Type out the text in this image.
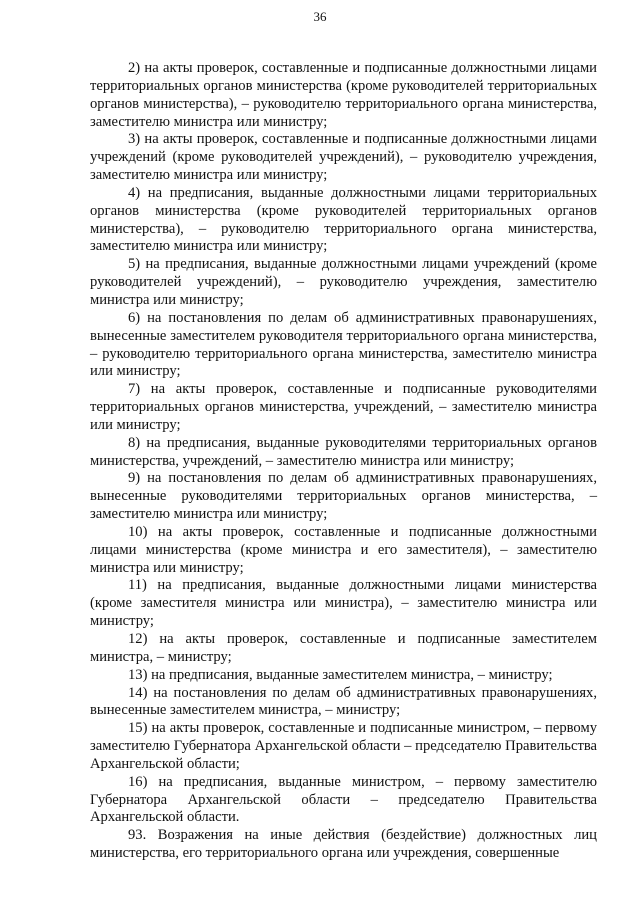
36

2) на акты проверок, составленные и подписанные должностными лицами территориальных органов министерства (кроме руководителей территориальных органов министерства), – руководителю территориального органа министерства, заместителю министра или министру;

3) на акты проверок, составленные и подписанные должностными лицами учреждений (кроме руководителей учреждений), – руководителю учреждения, заместителю министра или министру;

4) на предписания, выданные должностными лицами территориальных органов министерства (кроме руководителей территориальных органов министерства), – руководителю территориального органа министерства, заместителю министра или министру;

5) на предписания, выданные должностными лицами учреждений (кроме руководителей учреждений), – руководителю учреждения, заместителю министра или министру;

6) на постановления по делам об административных правонарушениях, вынесенные заместителем руководителя территориального органа министерства, – руководителю территориального органа министерства, заместителю министра или министру;

7) на акты проверок, составленные и подписанные руководителями территориальных органов министерства, учреждений, – заместителю министра или министру;

8) на предписания, выданные руководителями территориальных органов министерства, учреждений, – заместителю министра или министру;

9) на постановления по делам об административных правонарушениях, вынесенные руководителями территориальных органов министерства, – заместителю министра или министру;

10) на акты проверок, составленные и подписанные должностными лицами министерства (кроме министра и его заместителя), – заместителю министра или министру;

11) на предписания, выданные должностными лицами министерства (кроме заместителя министра или министра), – заместителю министра или министру;

12) на акты проверок, составленные и подписанные заместителем министра, – министру;

13) на предписания, выданные заместителем министра, – министру;

14) на постановления по делам об административных правонарушениях, вынесенные заместителем министра, – министру;

15) на акты проверок, составленные и подписанные министром, – первому заместителю Губернатора Архангельской области – председателю Правительства Архангельской области;

16) на предписания, выданные министром, – первому заместителю Губернатора Архангельской области – председателю Правительства Архангельской области.

93. Возражения на иные действия (бездействие) должностных лиц министерства, его территориального органа или учреждения, совершенные
